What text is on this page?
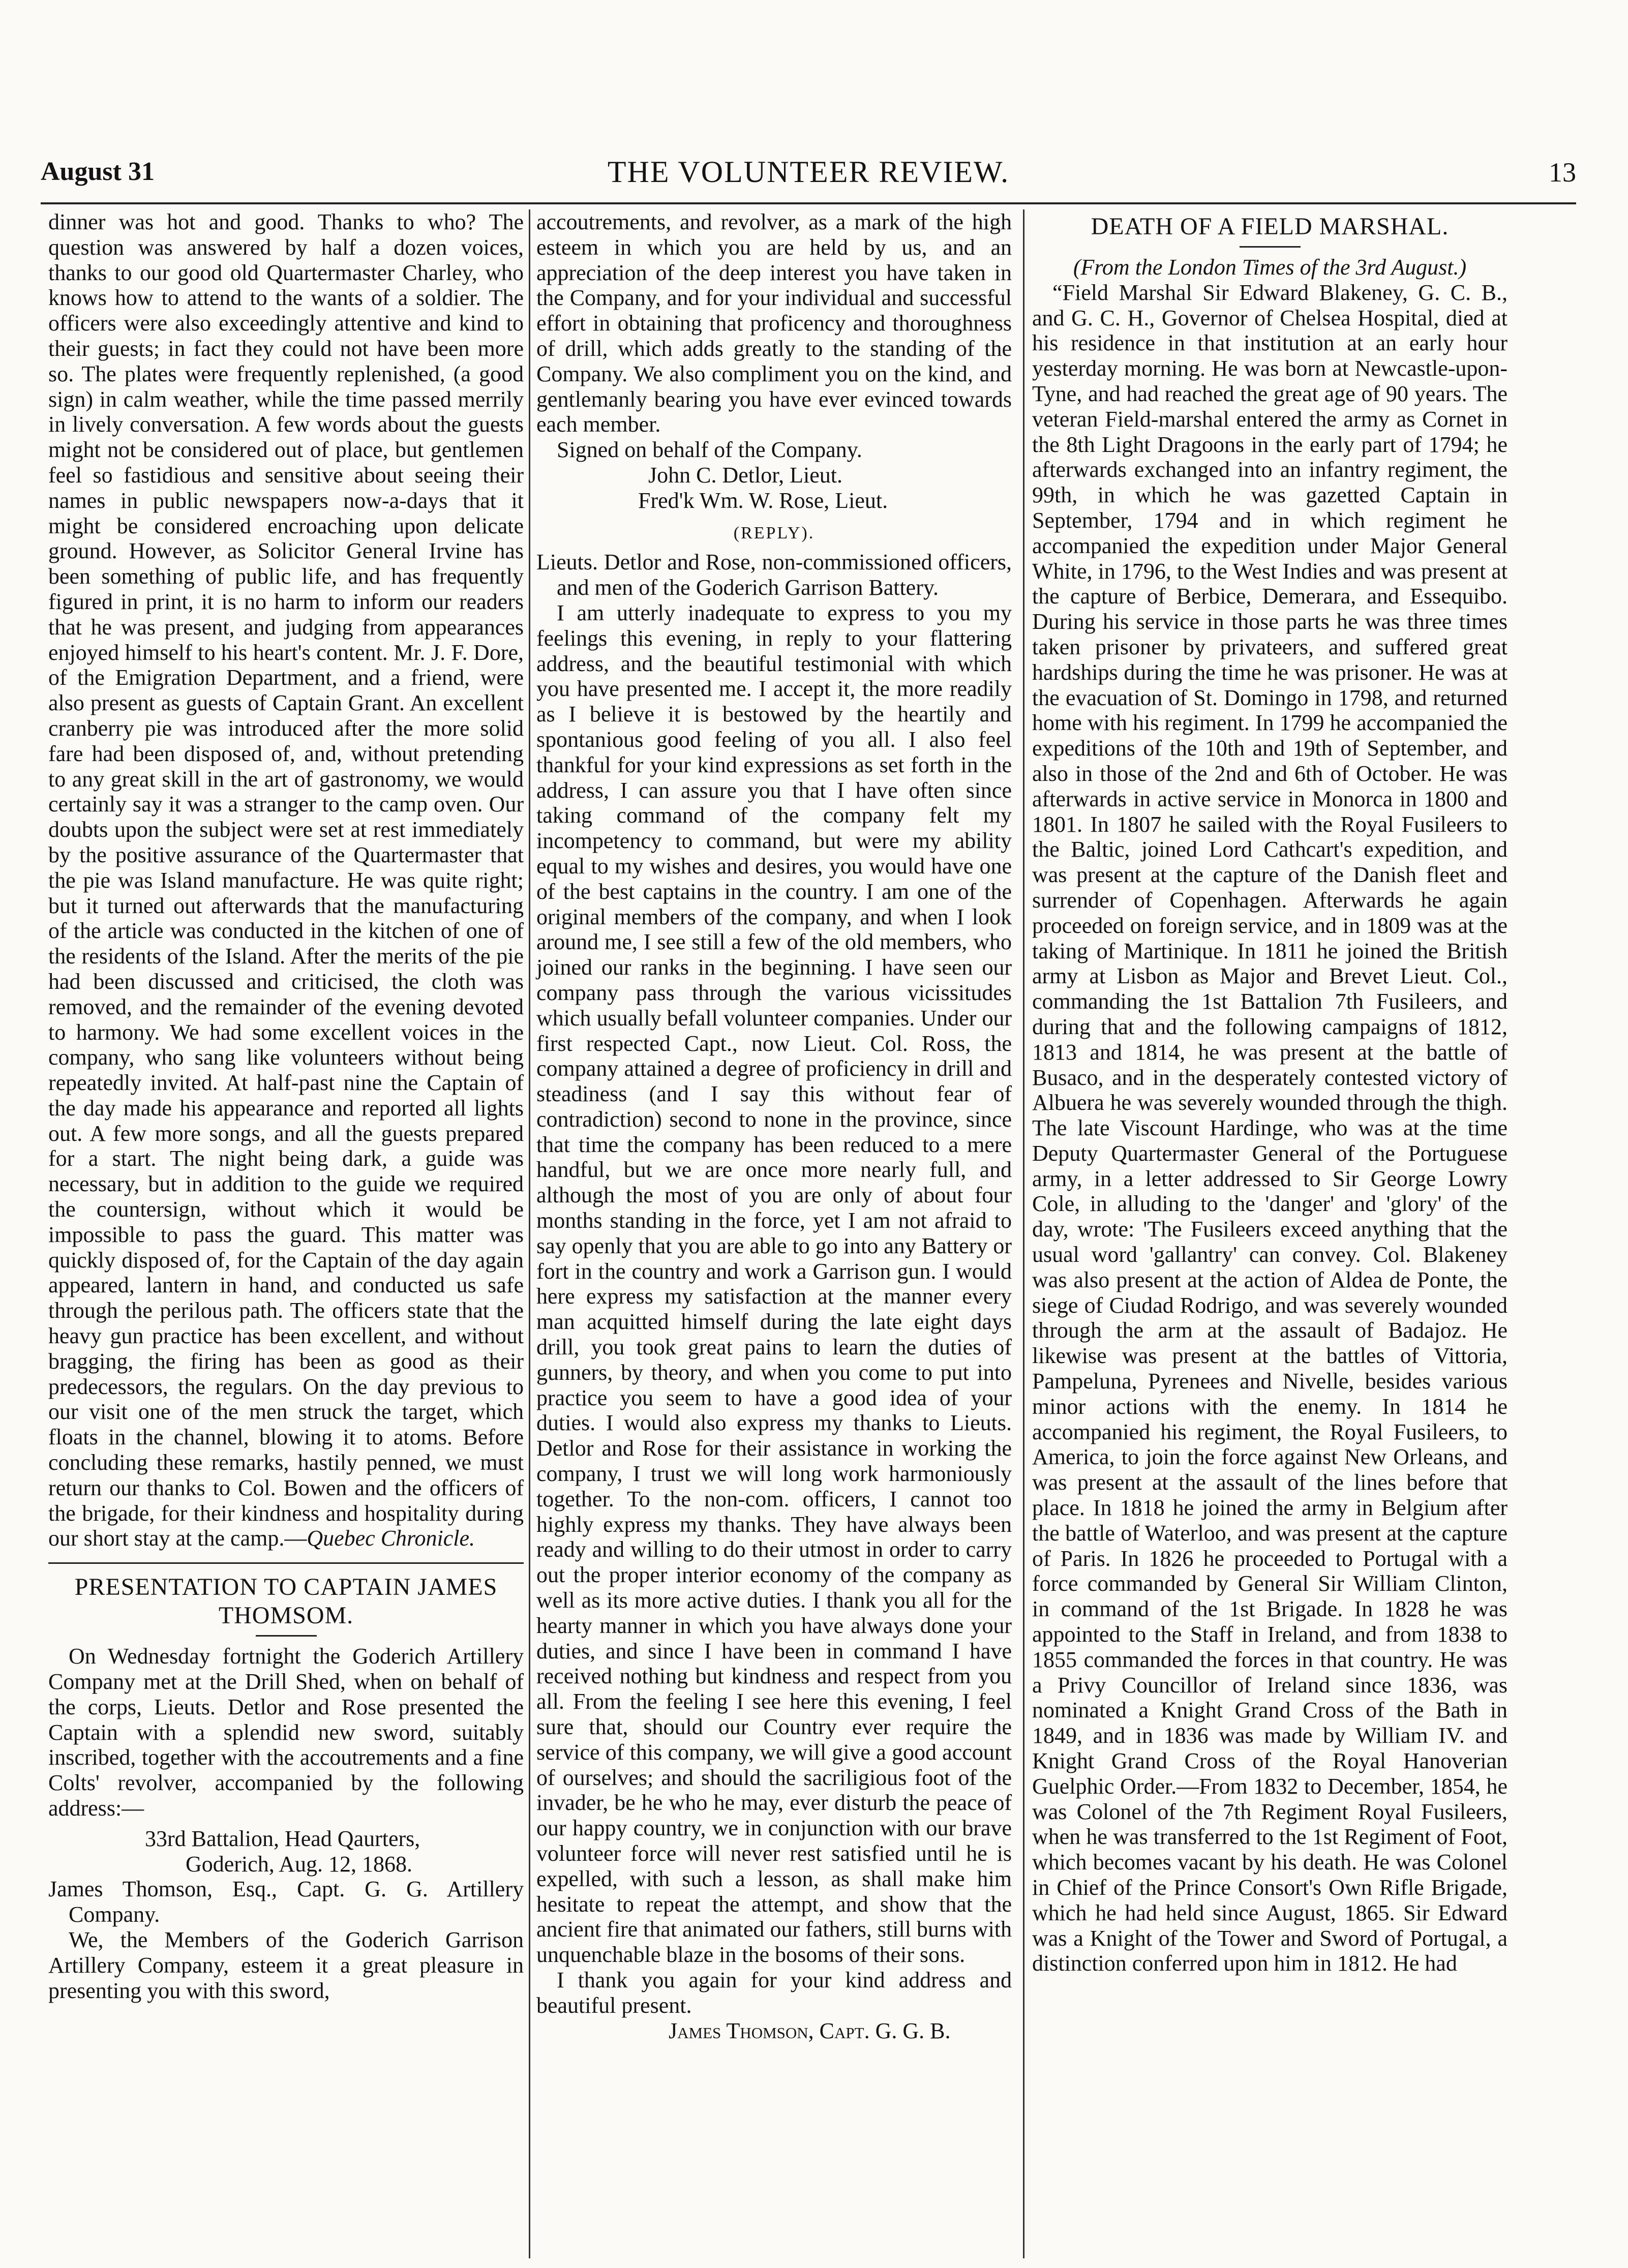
August 31	THE VOLUNTEER REVIEW.	13

dinner was hot and good. Thanks to who? The question was answered by half a dozen voices, thanks to our good old Quartermaster Charley, who knows how to attend to the wants of a soldier. The officers were also exceedingly attentive and kind to their guests; in fact they could not have been more so. The plates were frequently replenished, (a good sign) in calm weather, while the time passed merrily in lively conversation. A few words about the guests might not be considered out of place, but gentlemen feel so fastidious and sensitive about seeing their names in public newspapers now-a-days that it might be considered encroaching upon delicate ground. However, as Solicitor General Irvine has been something of public life, and has frequently figured in print, it is no harm to inform our readers that he was present, and judging from appearances enjoyed himself to his heart's content. Mr. J. F. Dore, of the Emigration Department, and a friend, were also present as guests of Captain Grant. An excellent cranberry pie was introduced after the more solid fare had been disposed of, and, without pretending to any great skill in the art of gastronomy, we would certainly say it was a stranger to the camp oven. Our doubts upon the subject were set at rest immediately by the positive assurance of the Quartermaster that the pie was Island manufacture. He was quite right; but it turned out afterwards that the manufacturing of the article was conducted in the kitchen of one of the residents of the Island. After the merits of the pie had been discussed and criticised, the cloth was removed, and the remainder of the evening devoted to harmony. We had some excellent voices in the company, who sang like volunteers without being repeatedly invited. At half-past nine the Captain of the day made his appearance and reported all lights out. A few more songs, and all the guests prepared for a start. The night being dark, a guide was necessary, but in addition to the guide we required the countersign, without which it would be impossible to pass the guard. This matter was quickly disposed of, for the Captain of the day again appeared, lantern in hand, and conducted us safe through the perilous path. The officers state that the heavy gun practice has been excellent, and without bragging, the firing has been as good as their predecessors, the regulars. On the day previous to our visit one of the men struck the target, which floats in the channel, blowing it to atoms. Before concluding these remarks, hastily penned, we must return our thanks to Col. Bowen and the officers of the brigade, for their kindness and hospitality during our short stay at the camp.—Quebec Chronicle.

PRESENTATION TO CAPTAIN JAMES THOMSOM.

On Wednesday fortnight the Goderich Artillery Company met at the Drill Shed, when on behalf of the corps, Lieuts. Detlor and Rose presented the Captain with a splendid new sword, suitably inscribed, together with the accoutrements and a fine Colts' revolver, accompanied by the following address:—

33rd Battalion, Head Qaurters,

Goderich, Aug. 12, 1868.

James Thomson, Esq., Capt. G. G. Artillery Company.

We, the Members of the Goderich Garrison Artillery Company, esteem it a great pleasure in presenting you with this sword,

accoutrements, and revolver, as a mark of the high esteem in which you are held by us, and an appreciation of the deep interest you have taken in the Company, and for your individual and successful effort in obtaining that proficency and thoroughness of drill, which adds greatly to the standing of the Company. We also compliment you on the kind, and gentlemanly bearing you have ever evinced towards each member.

Signed on behalf of the Company.

John C. Detlor, Lieut.

Fred'k Wm. W. Rose, Lieut.

(REPLY).

Lieuts. Detlor and Rose, non-commissioned officers, and men of the Goderich Garrison Battery.

I am utterly inadequate to express to you my feelings this evening, in reply to your flattering address, and the beautiful testimonial with which you have presented me. I accept it, the more readily as I believe it is bestowed by the heartily and spontanious good feeling of you all. I also feel thankful for your kind expressions as set forth in the address, I can assure you that I have often since taking command of the company felt my incompetency to command, but were my ability equal to my wishes and desires, you would have one of the best captains in the country. I am one of the original members of the company, and when I look around me, I see still a few of the old members, who joined our ranks in the beginning. I have seen our company pass through the various vicissitudes which usually befall volunteer companies. Under our first respected Capt., now Lieut. Col. Ross, the company attained a degree of proficiency in drill and steadiness (and I say this without fear of contradiction) second to none in the province, since that time the company has been reduced to a mere handful, but we are once more nearly full, and although the most of you are only of about four months standing in the force, yet I am not afraid to say openly that you are able to go into any Battery or fort in the country and work a Garrison gun. I would here express my satisfaction at the manner every man acquitted himself during the late eight days drill, you took great pains to learn the duties of gunners, by theory, and when you come to put into practice you seem to have a good idea of your duties. I would also express my thanks to Lieuts. Detlor and Rose for their assistance in working the company, I trust we will long work harmoniously together. To the non-com. officers, I cannot too highly express my thanks. They have always been ready and willing to do their utmost in order to carry out the proper interior economy of the company as well as its more active duties. I thank you all for the hearty manner in which you have always done your duties, and since I have been in command I have received nothing but kindness and respect from you all. From the feeling I see here this evening, I feel sure that, should our Country ever require the service of this company, we will give a good account of ourselves; and should the sacriligious foot of the invader, be he who he may, ever disturb the peace of our happy country, we in conjunction with our brave volunteer force will never rest satisfied until he is expelled, with such a lesson, as shall make him hesitate to repeat the attempt, and show that the ancient fire that animated our fathers, still burns with unquenchable blaze in the bosoms of their sons.

I thank you again for your kind address and beautiful present.

James Thomson, Capt. G. G. B.

DEATH OF A FIELD MARSHAL.

(From the London Times of the 3rd August.)

“Field Marshal Sir Edward Blakeney, G. C. B., and G. C. H., Governor of Chelsea Hospital, died at his residence in that institution at an early hour yesterday morning. He was born at Newcastle-upon-Tyne, and had reached the great age of 90 years. The veteran Field-marshal entered the army as Cornet in the 8th Light Dragoons in the early part of 1794; he afterwards exchanged into an infantry regiment, the 99th, in which he was gazetted Captain in September, 1794 and in which regiment he accompanied the expedition under Major General White, in 1796, to the West Indies and was present at the capture of Berbice, Demerara, and Essequibo. During his service in those parts he was three times taken prisoner by privateers, and suffered great hardships during the time he was prisoner. He was at the evacuation of St. Domingo in 1798, and returned home with his regiment. In 1799 he accompanied the expeditions of the 10th and 19th of September, and also in those of the 2nd and 6th of October. He was afterwards in active service in Monorca in 1800 and 1801. In 1807 he sailed with the Royal Fusileers to the Baltic, joined Lord Cathcart's expedition, and was present at the capture of the Danish fleet and surrender of Copenhagen. Afterwards he again proceeded on foreign service, and in 1809 was at the taking of Martinique. In 1811 he joined the British army at Lisbon as Major and Brevet Lieut. Col., commanding the 1st Battalion 7th Fusileers, and during that and the following campaigns of 1812, 1813 and 1814, he was present at the battle of Busaco, and in the desperately contested victory of Albuera he was severely wounded through the thigh. The late Viscount Hardinge, who was at the time Deputy Quartermaster General of the Portuguese army, in a letter addressed to Sir George Lowry Cole, in alluding to the 'danger' and 'glory' of the day, wrote: 'The Fusileers exceed anything that the usual word 'gallantry' can convey. Col. Blakeney was also present at the action of Aldea de Ponte, the siege of Ciudad Rodrigo, and was severely wounded through the arm at the assault of Badajoz. He likewise was present at the battles of Vittoria, Pampeluna, Pyrenees and Nivelle, besides various minor actions with the enemy. In 1814 he accompanied his regiment, the Royal Fusileers, to America, to join the force against New Orleans, and was present at the assault of the lines before that place. In 1818 he joined the army in Belgium after the battle of Waterloo, and was present at the capture of Paris. In 1826 he proceeded to Portugal with a force commanded by General Sir William Clinton, in command of the 1st Brigade. In 1828 he was appointed to the Staff in Ireland, and from 1838 to 1855 commanded the forces in that country. He was a Privy Councillor of Ireland since 1836, was nominated a Knight Grand Cross of the Bath in 1849, and in 1836 was made by William IV. and Knight Grand Cross of the Royal Hanoverian Guelphic Order.—From 1832 to December, 1854, he was Colonel of the 7th Regiment Royal Fusileers, when he was transferred to the 1st Regiment of Foot, which becomes vacant by his death. He was Colonel in Chief of the Prince Consort's Own Rifle Brigade, which he had held since August, 1865. Sir Edward was a Knight of the Tower and Sword of Portugal, a distinction conferred upon him in 1812. He had
